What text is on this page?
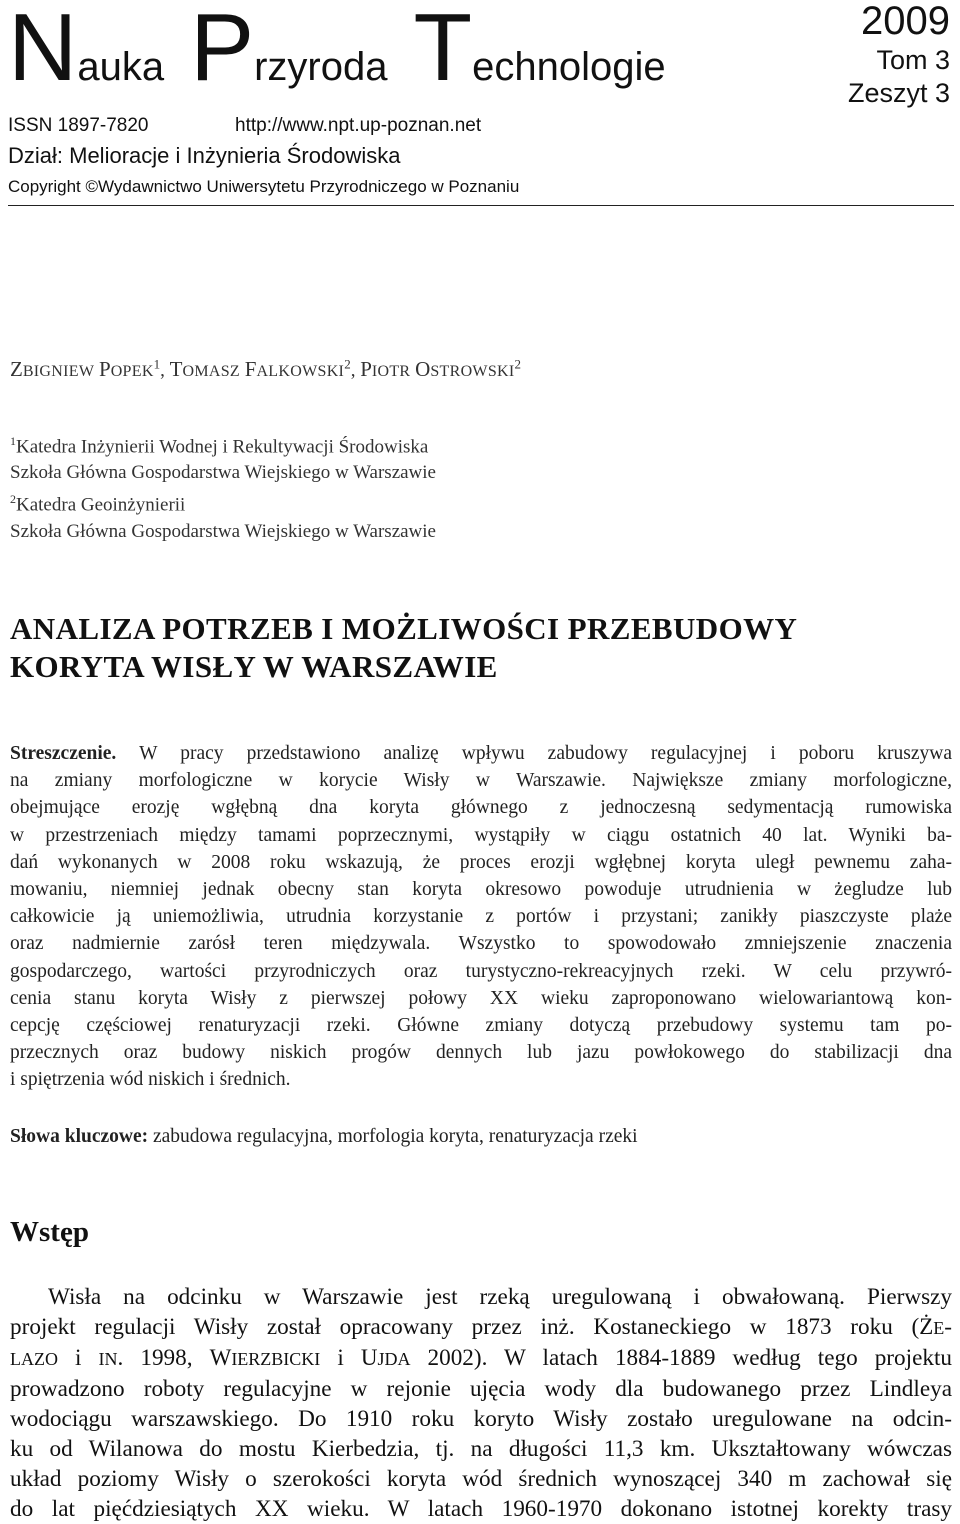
Nauka Przyroda Technologie
2009
Tom 3
Zeszyt 3
ISSN 1897-7820	http://www.npt.up-poznan.net
Dział: Melioracje i Inżynieria Środowiska
Copyright ©Wydawnictwo Uniwersytetu Przyrodniczego w Poznaniu
ZBIGNIEW POPEK$^1$, TOMASZ FALKOWSKI$^2$, PIOTR OSTROWSKI$^2$
$^1$Katedra Inżynierii Wodnej i Rekultywacji Środowiska
Szkoła Główna Gospodarstwa Wiejskiego w Warszawie
$^2$Katedra Geoinżynierii
Szkoła Główna Gospodarstwa Wiejskiego w Warszawie
ANALIZA POTRZEB I MOŻLIWOŚCI PRZEBUDOWY
KORYTA WISŁY W WARSZAWIE
Streszczenie. W pracy przedstawiono analizę wpływu zabudowy regulacyjnej i poboru kruszywa
na zmiany morfologiczne w korycie Wisły w Warszawie. Największe zmiany morfologiczne,
obejmujące erozję wgłębną dna koryta głównego z jednoczesną sedymentacją rumowiska
w przestrzeniach między tamami poprzecznymi, wystąpiły w ciągu ostatnich 40 lat. Wyniki ba-
dań wykonanych w 2008 roku wskazują, że proces erozji wgłębnej koryta uległ pewnemu zaha-
mowaniu, niemniej jednak obecny stan koryta okresowo powoduje utrudnienia w żegludze lub
całkowicie ją uniemożliwia, utrudnia korzystanie z portów i przystani; zanikły piaszczyste plaże
oraz nadmiernie zarósł teren międzywala. Wszystko to spowodowało zmniejszenie znaczenia
gospodarczego, wartości przyrodniczych oraz turystyczno-rekreacyjnych rzeki. W celu przywró-
cenia stanu koryta Wisły z pierwszej połowy XX wieku zaproponowano wielowariantową kon-
cepcję częściowej renaturyzacji rzeki. Główne zmiany dotyczą przebudowy systemu tam po-
przecznych oraz budowy niskich progów dennych lub jazu powłokowego do stabilizacji dna
i spiętrzenia wód niskich i średnich.
Słowa kluczowe: zabudowa regulacyjna, morfologia koryta, renaturyzacja rzeki
Wstęp
Wisła na odcinku w Warszawie jest rzeką uregulowaną i obwałowaną. Pierwszy
projekt regulacji Wisły został opracowany przez inż. Kostaneckiego w 1873 roku (ŻE-
LAZO i IN. 1998, WIERZBICKI i UJDA 2002). W latach 1884-1889 według tego projektu
prowadzono roboty regulacyjne w rejonie ujęcia wody dla budowanego przez Lindleya
wodociągu warszawskiego. Do 1910 roku koryto Wisły zostało uregulowane na odcin-
ku od Wilanowa do mostu Kierbedzia, tj. na długości 11,3 km. Ukształtowany wówczas
układ poziomy Wisły o szerokości koryta wód średnich wynoszącej 340 m zachował się
do lat pięćdziesiątych XX wieku. W latach 1960-1970 dokonano istotnej korekty trasy
